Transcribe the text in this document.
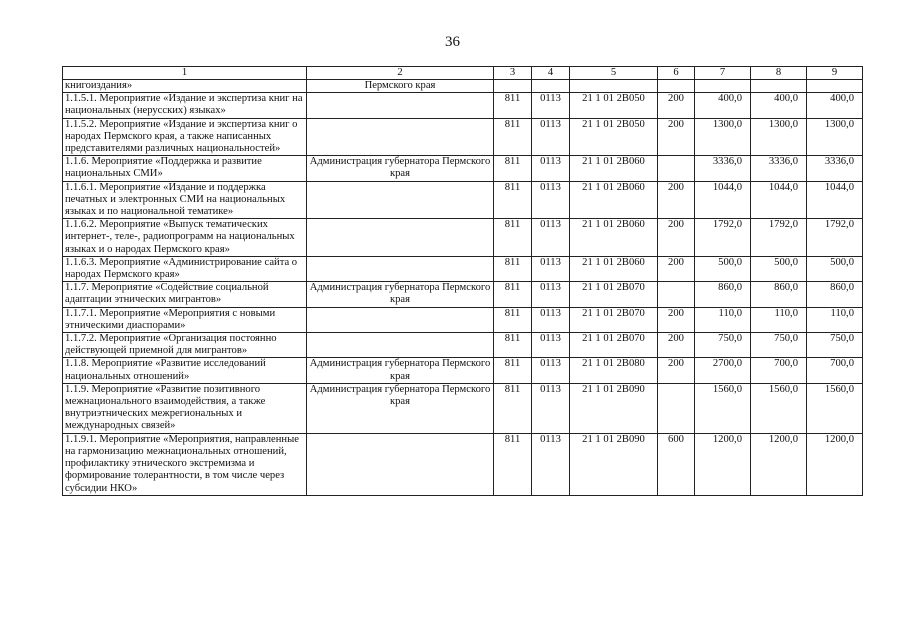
36
1	2	3	4	5	6	7	8	9
книгоиздания»	Пермского края							
1.1.5.1. Мероприятие «Издание и экспертиза книг на национальных (нерусских) языках»		811	0113	21 1 01 2В050	200	400,0	400,0	400,0
1.1.5.2. Мероприятие «Издание и экспертиза книг о народах Пермского края, а также написанных представителями различных национальностей»		811	0113	21 1 01 2В050	200	1300,0	1300,0	1300,0
1.1.6. Мероприятие «Поддержка и развитие национальных СМИ»	Администрация губернатора Пермского края	811	0113	21 1 01 2В060		3336,0	3336,0	3336,0
1.1.6.1. Мероприятие «Издание и поддержка печатных и электронных СМИ на национальных языках и по национальной тематике»		811	0113	21 1 01 2В060	200	1044,0	1044,0	1044,0
1.1.6.2. Мероприятие «Выпуск тематических интернет-, теле-, радиопрограмм на национальных языках и о народах Пермского края»		811	0113	21 1 01 2В060	200	1792,0	1792,0	1792,0
1.1.6.3. Мероприятие «Администрирование сайта о народах Пермского края»		811	0113	21 1 01 2В060	200	500,0	500,0	500,0
1.1.7. Мероприятие «Содействие социальной адаптации этнических мигрантов»	Администрация губернатора Пермского края	811	0113	21 1 01 2В070		860,0	860,0	860,0
1.1.7.1. Мероприятие «Мероприятия с новыми этническими диаспорами»		811	0113	21 1 01 2В070	200	110,0	110,0	110,0
1.1.7.2. Мероприятие «Организация постоянно действующей приемной для мигрантов»		811	0113	21 1 01 2В070	200	750,0	750,0	750,0
1.1.8. Мероприятие «Развитие исследований национальных отношений»	Администрация губернатора Пермского края	811	0113	21 1 01 2В080	200	2700,0	700,0	700,0
1.1.9. Мероприятие «Развитие позитивного межнационального взаимодействия, а также внутриэтнических межрегиональных и международных связей»	Администрация губернатора Пермского края	811	0113	21 1 01 2В090		1560,0	1560,0	1560,0
1.1.9.1. Мероприятие «Мероприятия, направленные на гармонизацию межнациональных отношений, профилактику этнического экстремизма и формирование толерантности, в том числе через субсидии НКО»		811	0113	21 1 01 2В090	600	1200,0	1200,0	1200,0
